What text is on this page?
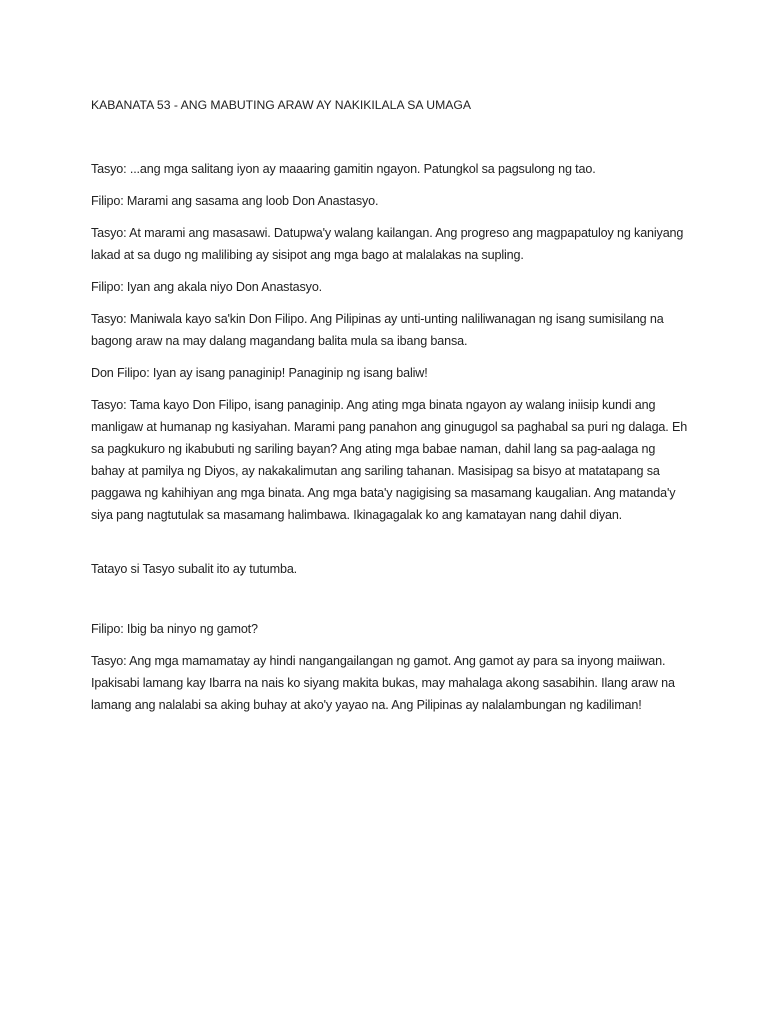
KABANATA 53 - ANG MABUTING ARAW AY NAKIKILALA SA UMAGA

Tasyo: ...ang mga salitang iyon ay maaaring gamitin ngayon. Patungkol sa pagsulong ng tao.

Filipo: Marami ang sasama ang loob Don Anastasyo.

Tasyo: At marami ang masasawi. Datupwa'y walang kailangan. Ang progreso ang magpapatuloy ng kaniyang lakad at sa dugo ng malilibing ay sisipot ang mga bago at malalakas na supling.

Filipo: Iyan ang akala niyo Don Anastasyo.

Tasyo: Maniwala kayo sa'kin Don Filipo. Ang Pilipinas ay unti-unting naliliwanagan ng isang sumisilang na bagong araw na may dalang magandang balita mula sa ibang bansa.

Don Filipo: Iyan ay isang panaginip! Panaginip ng isang baliw!

Tasyo: Tama kayo Don Filipo, isang panaginip. Ang ating mga binata ngayon ay walang iniisip kundi ang manligaw at humanap ng kasiyahan. Marami pang panahon ang ginugugol sa paghabal sa puri ng dalaga. Eh sa pagkukuro ng ikabubuti ng sariling bayan? Ang ating mga babae naman, dahil lang sa pag-aalaga ng bahay at pamilya ng Diyos, ay nakakalimutan ang sariling tahanan. Masisipag sa bisyo at matatapang sa paggawa ng kahihiyan ang mga binata. Ang mga bata'y nagigising sa masamang kaugalian. Ang matanda'y siya pang nagtutulak sa masamang halimbawa. Ikinagagalak ko ang kamatayan nang dahil diyan.

Tatayo si Tasyo subalit ito ay tutumba.

Filipo: Ibig ba ninyo ng gamot?

Tasyo: Ang mga mamamatay ay hindi nangangailangan ng gamot. Ang gamot ay para sa inyong maiiwan. Ipakisabi lamang kay Ibarra na nais ko siyang makita bukas, may mahalaga akong sasabihin. Ilang araw na lamang ang nalalabi sa aking buhay at ako'y yayao na. Ang Pilipinas ay nalalambungan ng kadiliman!
